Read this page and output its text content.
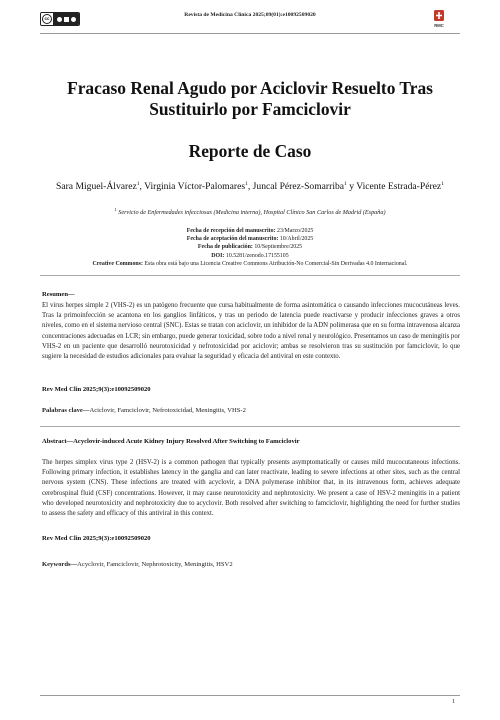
cc
Revista de Medicina Clínica 2025;09(01):e10092509020
RMC
Fracaso Renal Agudo por Aciclovir Resuelto Tras Sustituirlo por Famciclovir
Reporte de Caso
Sara Miguel-Álvarez$^1$, Virginia Víctor-Palomares$^1$, Juncal Pérez-Somarriba$^1$ y Vicente Estrada-Pérez$^1$
$^1$ Servicio de Enfermedades infecciosas (Medicina interna), Hospital Clínico San Carlos de Madrid (España)
Fecha de recepción del manuscrito: 23/Marzo/2025
Fecha de aceptación del manuscrito: 10/Abril/2025
Fecha de publicación: 10/Septiembre/2025
DOI: 10.5281/zenodo.17155105
Creative Commons: Esta obra está bajo una Licencia Creative Commons Atribución-No Comercial-Sin Derivadas 4.0 Internacional.
Resumen—
El virus herpes simple 2 (VHS-2) es un patógeno frecuente que cursa habitualmente de forma asintomática o causando infecciones mucocutáneas leves. Tras la primoinfección se acantona en los ganglios linfáticos, y tras un periodo de latencia puede reactivarse y producir infecciones graves a otros niveles, como en el sistema nervioso central (SNC). Estas se tratan con aciclovir, un inhibidor de la ADN polimerasa que en su forma intravenosa alcanza concentraciones adecuadas en LCR; sin embargo, puede generar toxicidad, sobre todo a nivel renal y neurológico. Presentamos un caso de meningitis por VHS-2 en un paciente que desarrolló neurotoxicidad y nefrotoxicidad por aciclovir; ambas se resolvieron tras su sustitución por famciclovir, lo que sugiere la necesidad de estudios adicionales para evaluar la seguridad y eficacia del antiviral en este contexto.
Rev Med Clin 2025;9(3):e10092509020
Palabras clave—Aciclovir, Famciclovir, Nefrotoxicidad, Meningitis, VHS-2
Abstract—Acyclovir-induced Acute Kidney Injury Resolved After Switching to Famciclovir
The herpes simplex virus type 2 (HSV-2) is a common pathogen that typically presents asymptomatically or causes mild mucocutaneous infections. Following primary infection, it establishes latency in the ganglia and can later reactivate, leading to severe infections at other sites, such as the central nervous system (CNS). These infections are treated with acyclovir, a DNA polymerase inhibitor that, in its intravenous form, achieves adequate cerebrospinal fluid (CSF) concentrations. However, it may cause neurotoxicity and nephrotoxicity. We present a case of HSV-2 meningitis in a patient who developed neurotoxicity and nephrotoxicity due to acyclovir. Both resolved after switching to famciclovir, highlighting the need for further studies to assess the safety and efficacy of this antiviral in this context.
Rev Med Clin 2025;9(3):e10092509020
Keywords—Acyclovir, Famciclovir, Nephrotoxicity, Meningitis, HSV2
1
